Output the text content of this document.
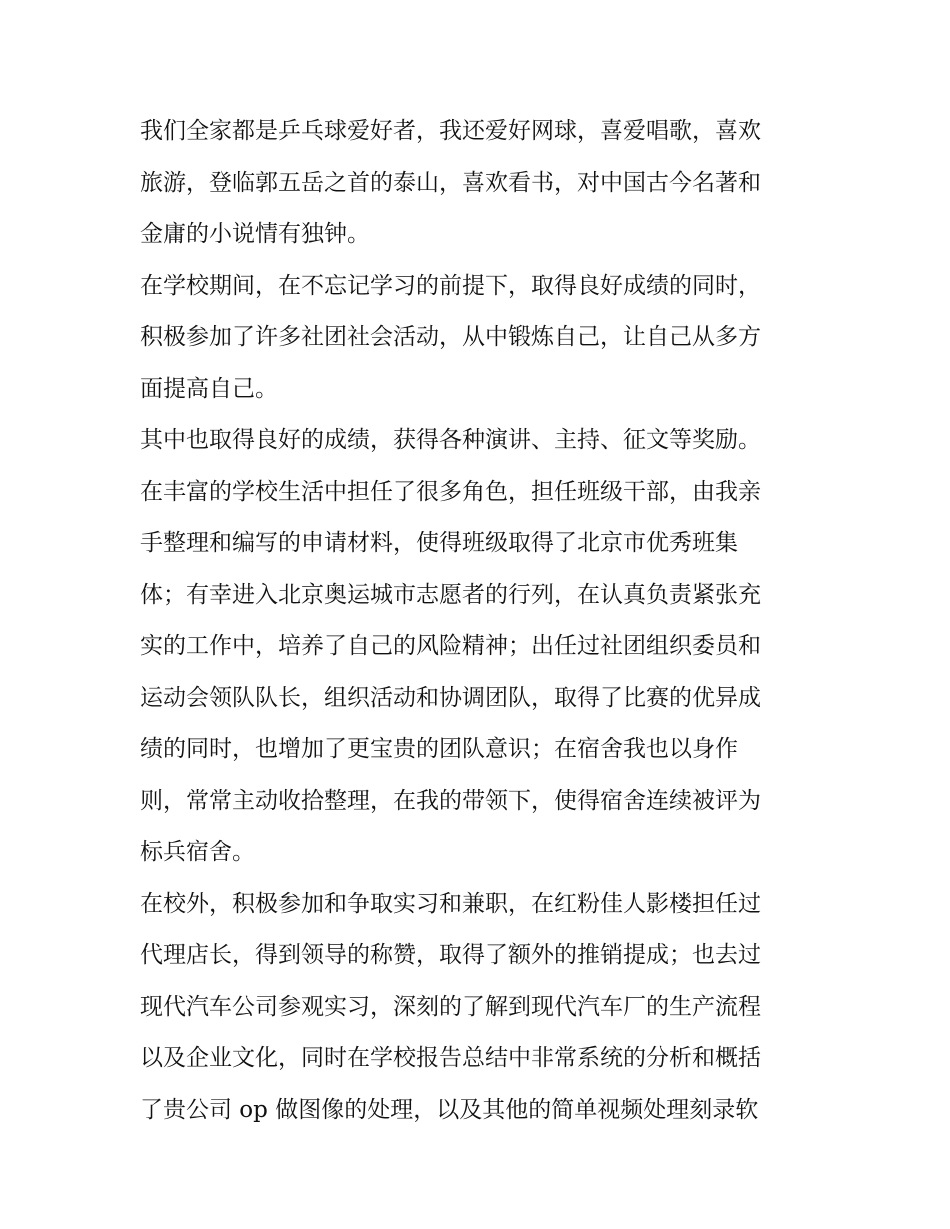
我们全家都是乒乓球爱好者，我还爱好网球，喜爱唱歌，喜欢
旅游，登临郭五岳之首的泰山，喜欢看书，对中国古今名著和
金庸的小说情有独钟。
在学校期间，在不忘记学习的前提下，取得良好成绩的同时，
积极参加了许多社团社会活动，从中锻炼自己，让自己从多方
面提高自己。
其中也取得良好的成绩，获得各种演讲、主持、征文等奖励。
在丰富的学校生活中担任了很多角色，担任班级干部，由我亲
手整理和编写的申请材料，使得班级取得了北京市优秀班集
体；有幸进入北京奥运城市志愿者的行列，在认真负责紧张充
实的工作中，培养了自己的风险精神；出任过社团组织委员和
运动会领队队长，组织活动和协调团队，取得了比赛的优异成
绩的同时，也增加了更宝贵的团队意识；在宿舍我也以身作
则，常常主动收拾整理，在我的带领下，使得宿舍连续被评为
标兵宿舍。
在校外，积极参加和争取实习和兼职，在红粉佳人影楼担任过
代理店长，得到领导的称赞，取得了额外的推销提成；也去过
现代汽车公司参观实习，深刻的了解到现代汽车厂的生产流程
以及企业文化，同时在学校报告总结中非常系统的分析和概括
了贵公司 op 做图像的处理，以及其他的简单视频处理刻录软
